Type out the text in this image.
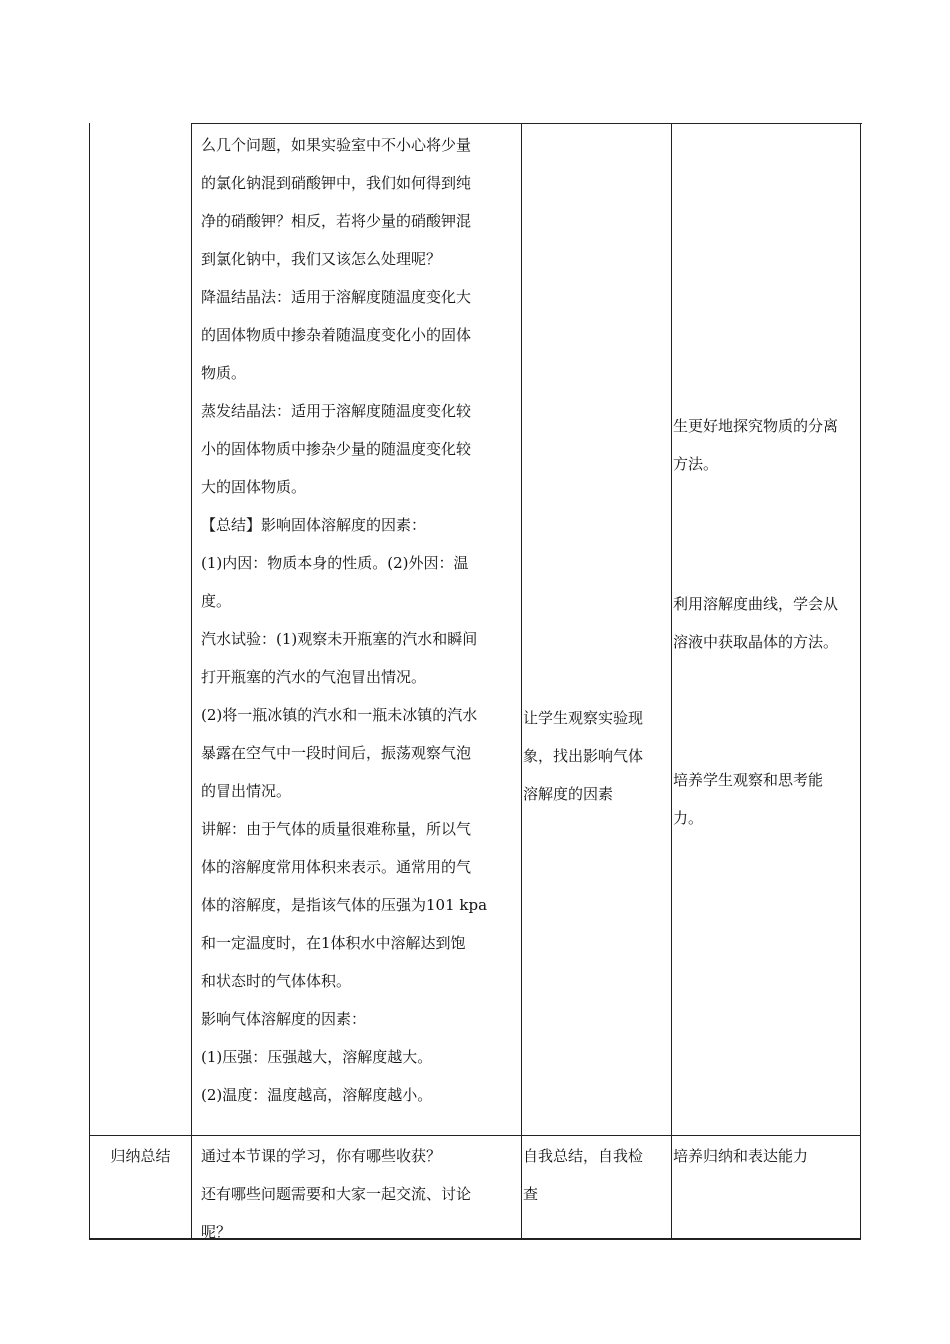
么几个问题，如果实验室中不小心将少量
的氯化钠混到硝酸钾中，我们如何得到纯
净的硝酸钾？相反，若将少量的硝酸钾混
到氯化钠中，我们又该怎么处理呢？
降温结晶法：适用于溶解度随温度变化大
的固体物质中掺杂着随温度变化小的固体
物质。
蒸发结晶法：适用于溶解度随温度变化较
小的固体物质中掺杂少量的随温度变化较
大的固体物质。
【总结】影响固体溶解度的因素：
(1)内因：物质本身的性质。(2)外因：温
度。
汽水试验：(1)观察未开瓶塞的汽水和瞬间
打开瓶塞的汽水的气泡冒出情况。
(2)将一瓶冰镇的汽水和一瓶未冰镇的汽水
暴露在空气中一段时间后，振荡观察气泡
的冒出情况。
讲解：由于气体的质量很难称量，所以气
体的溶解度常用体积来表示。通常用的气
体的溶解度，是指该气体的压强为101 kpa
和一定温度时，在1体积水中溶解达到饱
和状态时的气体体积。
影响气体溶解度的因素：
(1)压强：压强越大，溶解度越大。
(2)温度：温度越高，溶解度越小。
让学生观察实验现
象，找出影响气体
溶解度的因素
生更好地探究物质的分离
方法。
利用溶解度曲线，学会从
溶液中获取晶体的方法。
培养学生观察和思考能
力。
归纳总结	通过本节课的学习，你有哪些收获？
还有哪些问题需要和大家一起交流、讨论
呢？
自我总结，自我检
查
培养归纳和表达能力
